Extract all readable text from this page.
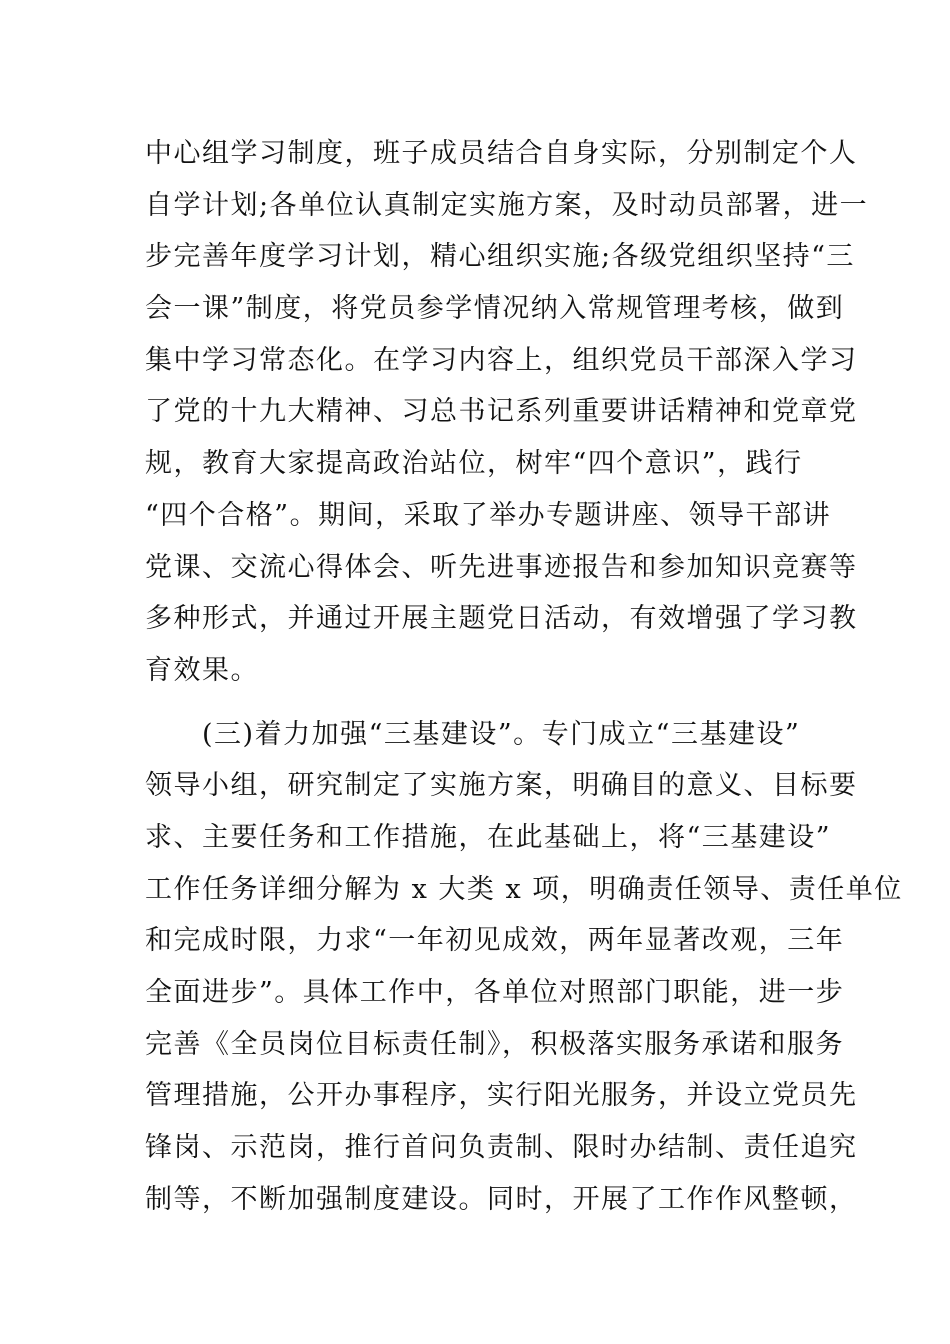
中心组学习制度，班子成员结合自身实际，分别制定个人
自学计划;各单位认真制定实施方案，及时动员部署，进一
步完善年度学习计划，精心组织实施;各级党组织坚持“三
会一课”制度，将党员参学情况纳入常规管理考核，做到
集中学习常态化。在学习内容上，组织党员干部深入学习
了党的十九大精神、习总书记系列重要讲话精神和党章党
规，教育大家提高政治站位，树牢“四个意识”，践行
“四个合格”。期间，采取了举办专题讲座、领导干部讲
党课、交流心得体会、听先进事迹报告和参加知识竞赛等
多种形式，并通过开展主题党日活动，有效增强了学习教
育效果。
　　(三)着力加强“三基建设”。专门成立“三基建设”
领导小组，研究制定了实施方案，明确目的意义、目标要
求、主要任务和工作措施，在此基础上，将“三基建设”
工作任务详细分解为 x 大类 x 项，明确责任领导、责任单位
和完成时限，力求“一年初见成效，两年显著改观，三年
全面进步”。具体工作中，各单位对照部门职能，进一步
完善《全员岗位目标责任制》，积极落实服务承诺和服务
管理措施，公开办事程序，实行阳光服务，并设立党员先
锋岗、示范岗，推行首问负责制、限时办结制、责任追究
制等，不断加强制度建设。同时，开展了工作作风整顿，
